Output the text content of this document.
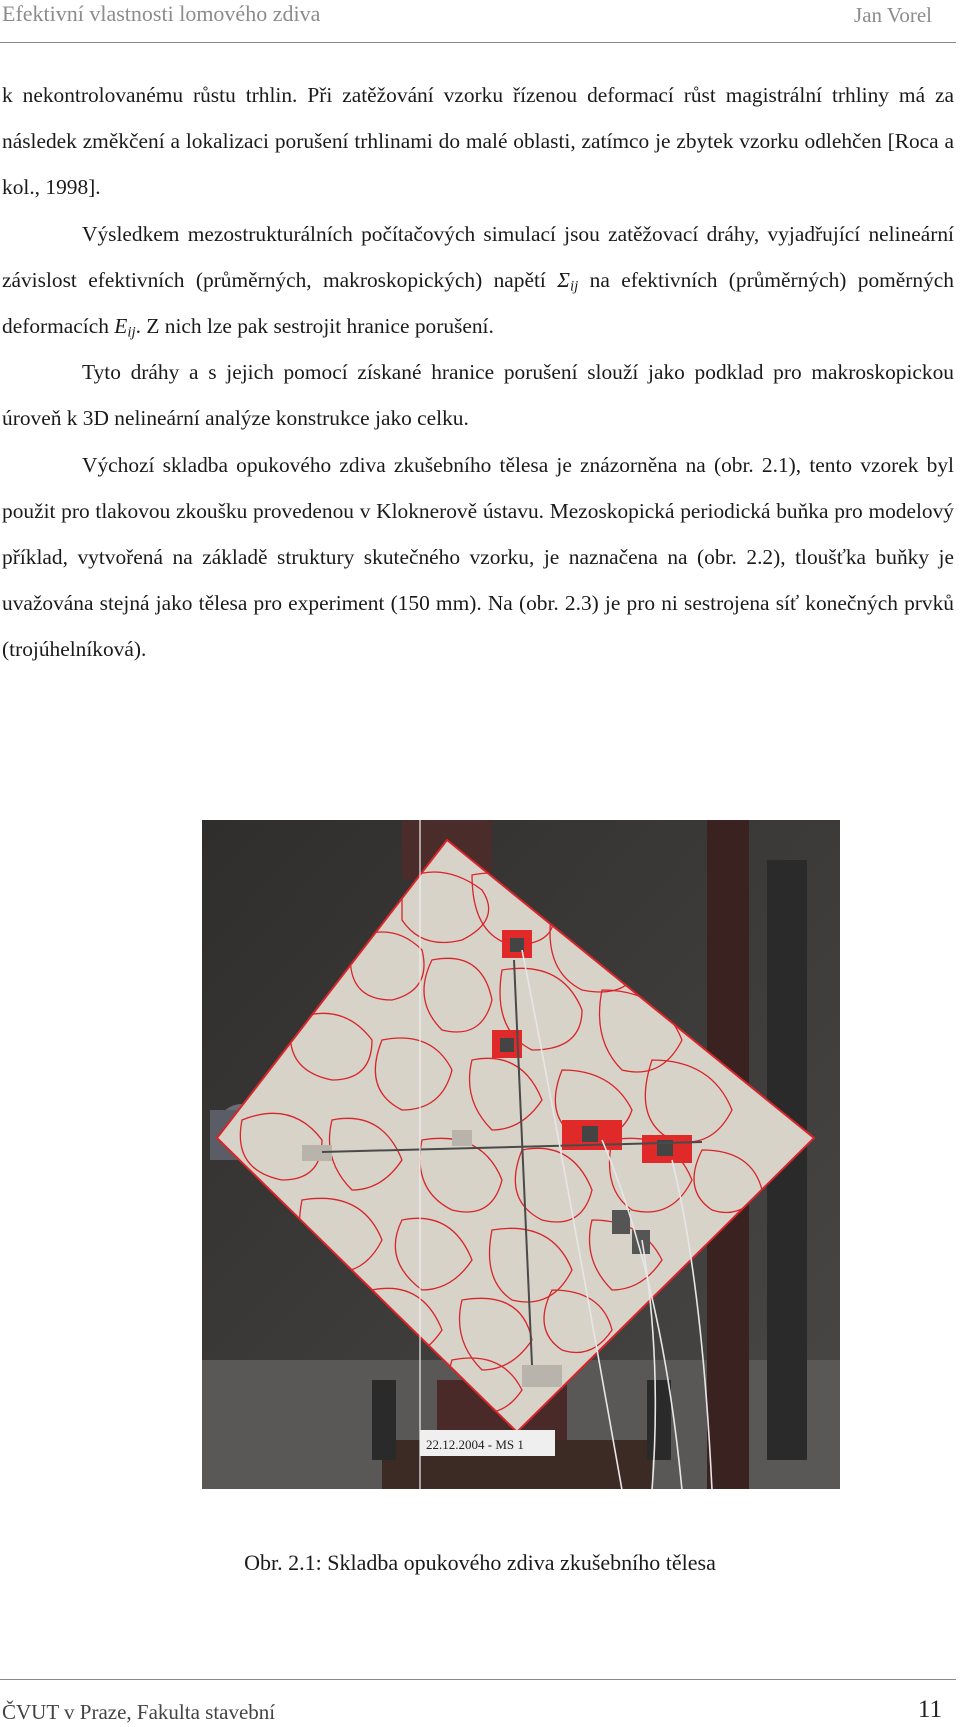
Efektivní vlastnosti lomového zdiva	Jan Vorel

k nekontrolovanému růstu trhlin. Při zatěžování vzorku řízenou deformací růst magistrální trhliny má za následek změkčení a lokalizaci porušení trhlinami do malé oblasti, zatímco je zbytek vzorku odlehčen [Roca a kol., 1998].

Výsledkem mezostrukturálních počítačových simulací jsou zatěžovací dráhy, vyjadřující nelineární závislost efektivních (průměrných, makroskopických) napětí $\Sigma_{ij}$ na efektivních (průměrných) poměrných deformacích $E_{ij}$. Z nich lze pak sestrojit hranice porušení.

Tyto dráhy a s jejich pomocí získané hranice porušení slouží jako podklad pro makroskopickou úroveň k 3D nelineární analýze konstrukce jako celku.

Výchozí skladba opukového zdiva zkušebního tělesa je znázorněna na (obr. 2.1), tento vzorek byl použit pro tlakovou zkoušku provedenou v Kloknerově ústavu. Mezoskopická periodická buňka pro modelový příklad, vytvořená na základě struktury skutečného vzorku, je naznačena na (obr. 2.2), tloušťka buňky je uvažována stejná jako tělesa pro experiment (150 mm). Na (obr. 2.3) je pro ni sestrojena síť konečných prvků (trojúhelníková).

22.12.2004 - MS 1
Obr. 2.1: Skladba opukového zdiva zkušebního tělesa
ČVUT v Praze, Fakulta stavební	11
